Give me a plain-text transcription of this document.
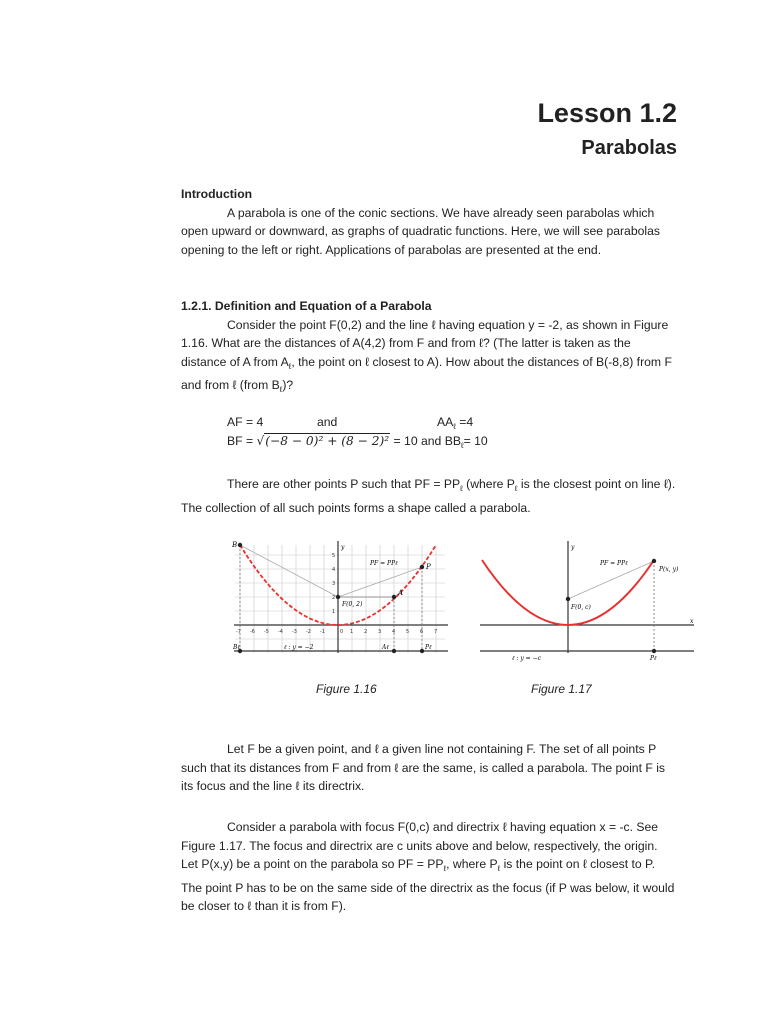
Lesson 1.2
Parabolas
Introduction
A parabola is one of the conic sections. We have already seen parabolas which open upward or downward, as graphs of quadratic functions. Here, we will see parabolas opening to the left or right. Applications of parabolas are presented at the end.
1.2.1. Definition and Equation of a Parabola
Consider the point F(0,2) and the line ℓ having equation y = -2, as shown in Figure 1.16. What are the distances of A(4,2) from F and from ℓ? (The latter is taken as the distance of A from $A_\ell$, the point on ℓ closest to A). How about the distances of B(-8,8) from F and from ℓ (from $B_\ell$)?
AF = 4	and	$AA_\ell =4$
BF = √(−8 − 0)² + (8 − 2)² = 10 and $BB_\ell= 10$
There are other points P such that PF = $PP_\ell$ (where $P_\ell$ is the closest point on line ℓ). The collection of all such points forms a shape called a parabola.
B
P
A
F(0, 2)
PF = PPℓ
y
Bℓ	Aℓ	Pℓ
ℓ : y = −2
-7 -6 -5 -4 -3 -2 -1	0 1 2 3 4 5 6 7
1
2
3
4
5
Figure 1.16
P(x, y)
F(0, c)
PF = PPℓ
y
x
Pℓ
ℓ : y = −c
Figure 1.17
Let F be a given point, and ℓ a given line not containing F. The set of all points P such that its distances from F and from ℓ are the same, is called a parabola. The point F is its focus and the line ℓ its directrix.
Consider a parabola with focus F(0,c) and directrix ℓ having equation x = -c. See Figure 1.17. The focus and directrix are c units above and below, respectively, the origin. Let P(x,y) be a point on the parabola so PF = $PP_\ell$, where $P_\ell$ is the point on ℓ closest to P. The point P has to be on the same side of the directrix as the focus (if P was below, it would be closer to ℓ than it is from F).
